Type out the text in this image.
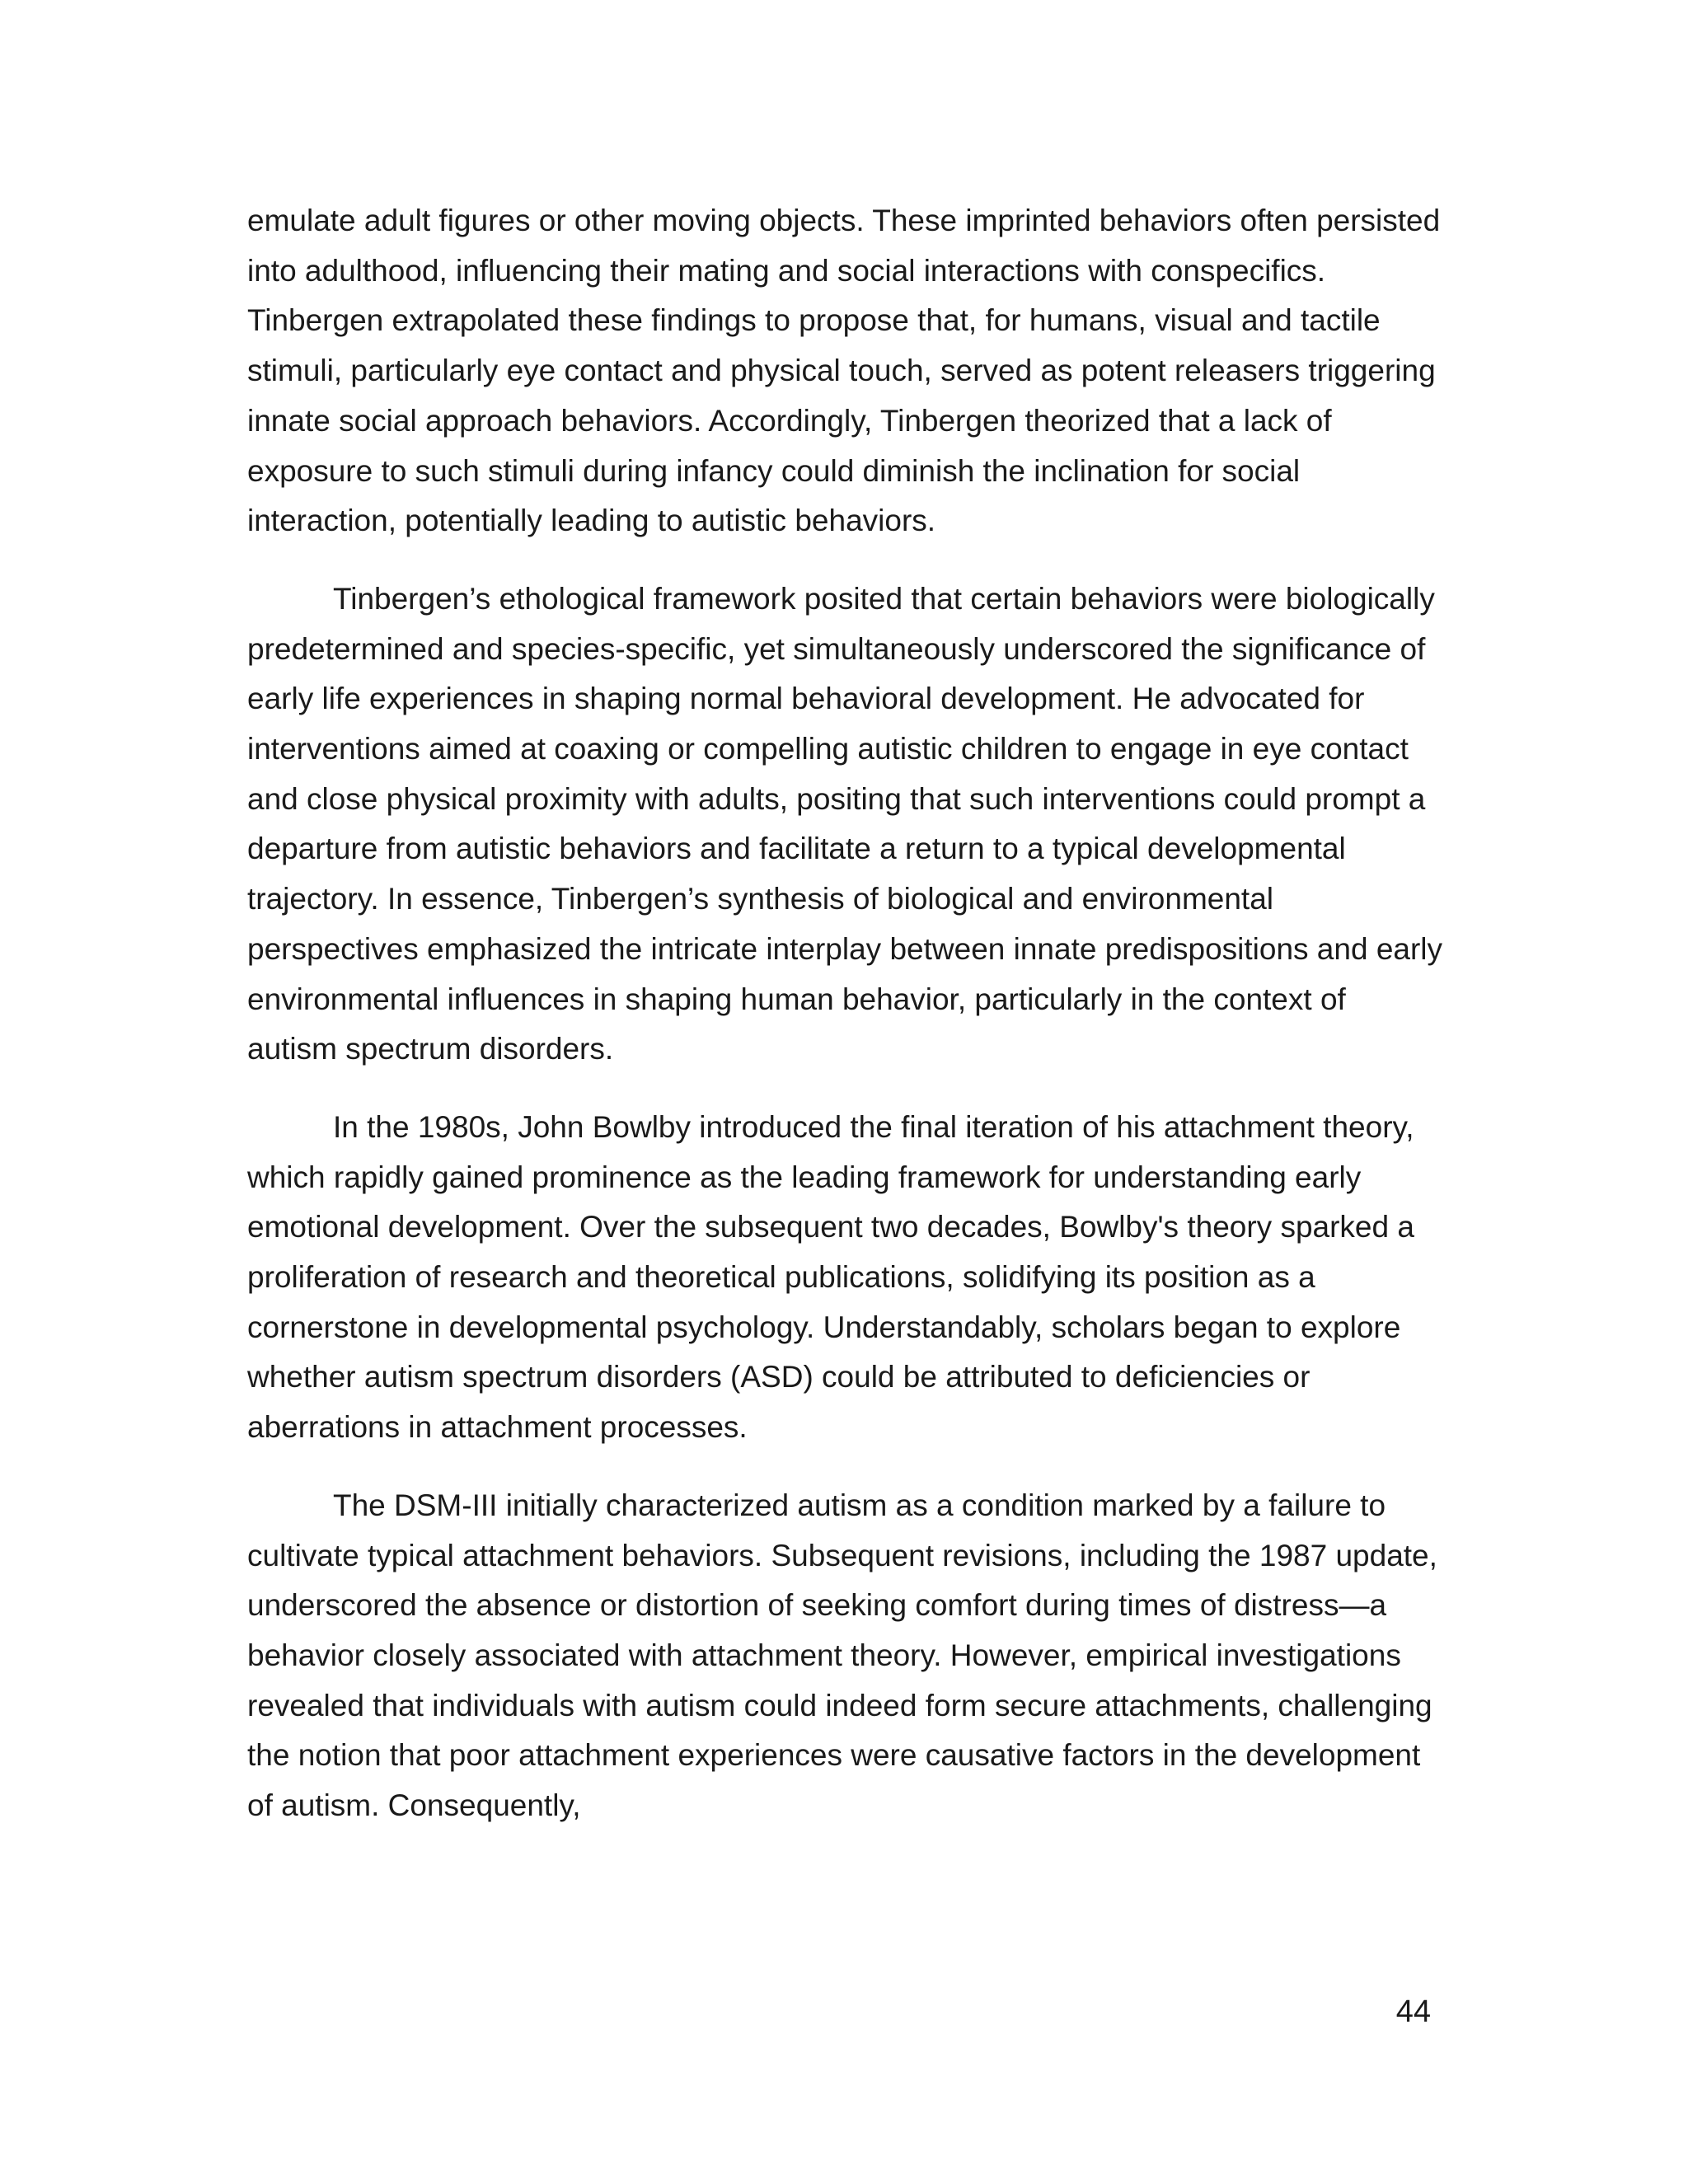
emulate adult figures or other moving objects. These imprinted behaviors often persisted into adulthood, influencing their mating and social interactions with conspecifics. Tinbergen extrapolated these findings to propose that, for humans, visual and tactile stimuli, particularly eye contact and physical touch, served as potent releasers triggering innate social approach behaviors. Accordingly, Tinbergen theorized that a lack of exposure to such stimuli during infancy could diminish the inclination for social interaction, potentially leading to autistic behaviors.

Tinbergen’s ethological framework posited that certain behaviors were biologically predetermined and species-specific, yet simultaneously underscored the significance of early life experiences in shaping normal behavioral development. He advocated for interventions aimed at coaxing or compelling autistic children to engage in eye contact and close physical proximity with adults, positing that such interventions could prompt a departure from autistic behaviors and facilitate a return to a typical developmental trajectory. In essence, Tinbergen’s synthesis of biological and environmental perspectives emphasized the intricate interplay between innate predispositions and early environmental influences in shaping human behavior, particularly in the context of autism spectrum disorders.

In the 1980s, John Bowlby introduced the final iteration of his attachment theory, which rapidly gained prominence as the leading framework for understanding early emotional development. Over the subsequent two decades, Bowlby's theory sparked a proliferation of research and theoretical publications, solidifying its position as a cornerstone in developmental psychology. Understandably, scholars began to explore whether autism spectrum disorders (ASD) could be attributed to deficiencies or aberrations in attachment processes.

The DSM-III initially characterized autism as a condition marked by a failure to cultivate typical attachment behaviors. Subsequent revisions, including the 1987 update, underscored the absence or distortion of seeking comfort during times of distress—a behavior closely associated with attachment theory. However, empirical investigations revealed that individuals with autism could indeed form secure attachments, challenging the notion that poor attachment experiences were causative factors in the development of autism. Consequently,

44
